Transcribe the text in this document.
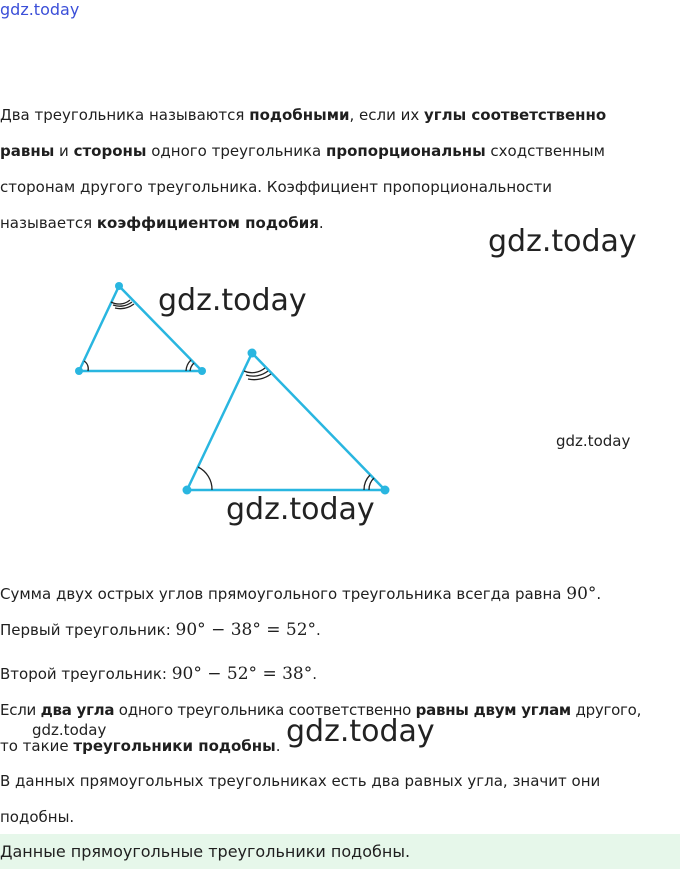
gdz.today
Два треугольника называются подобными, если их углы соответственно
равны и стороны одного треугольника пропорциональны сходственным
сторонам другого треугольника. Коэффициент пропорциональности
называется коэффициентом подобия.
gdz.today
gdz.today
gdz.today
gdz.today
Сумма двух острых углов прямоугольного треугольника всегда равна 90°.
Первый треугольник: 90° − 38° = 52°.
Второй треугольник: 90° − 52° = 38°.
Если два угла одного треугольника соответственно равны двум углам другого,
то такие треугольники подобны.
gdz.today	gdz.today
В данных прямоугольных треугольниках есть два равных угла, значит они
подобны.
Данные прямоугольные треугольники подобны.
